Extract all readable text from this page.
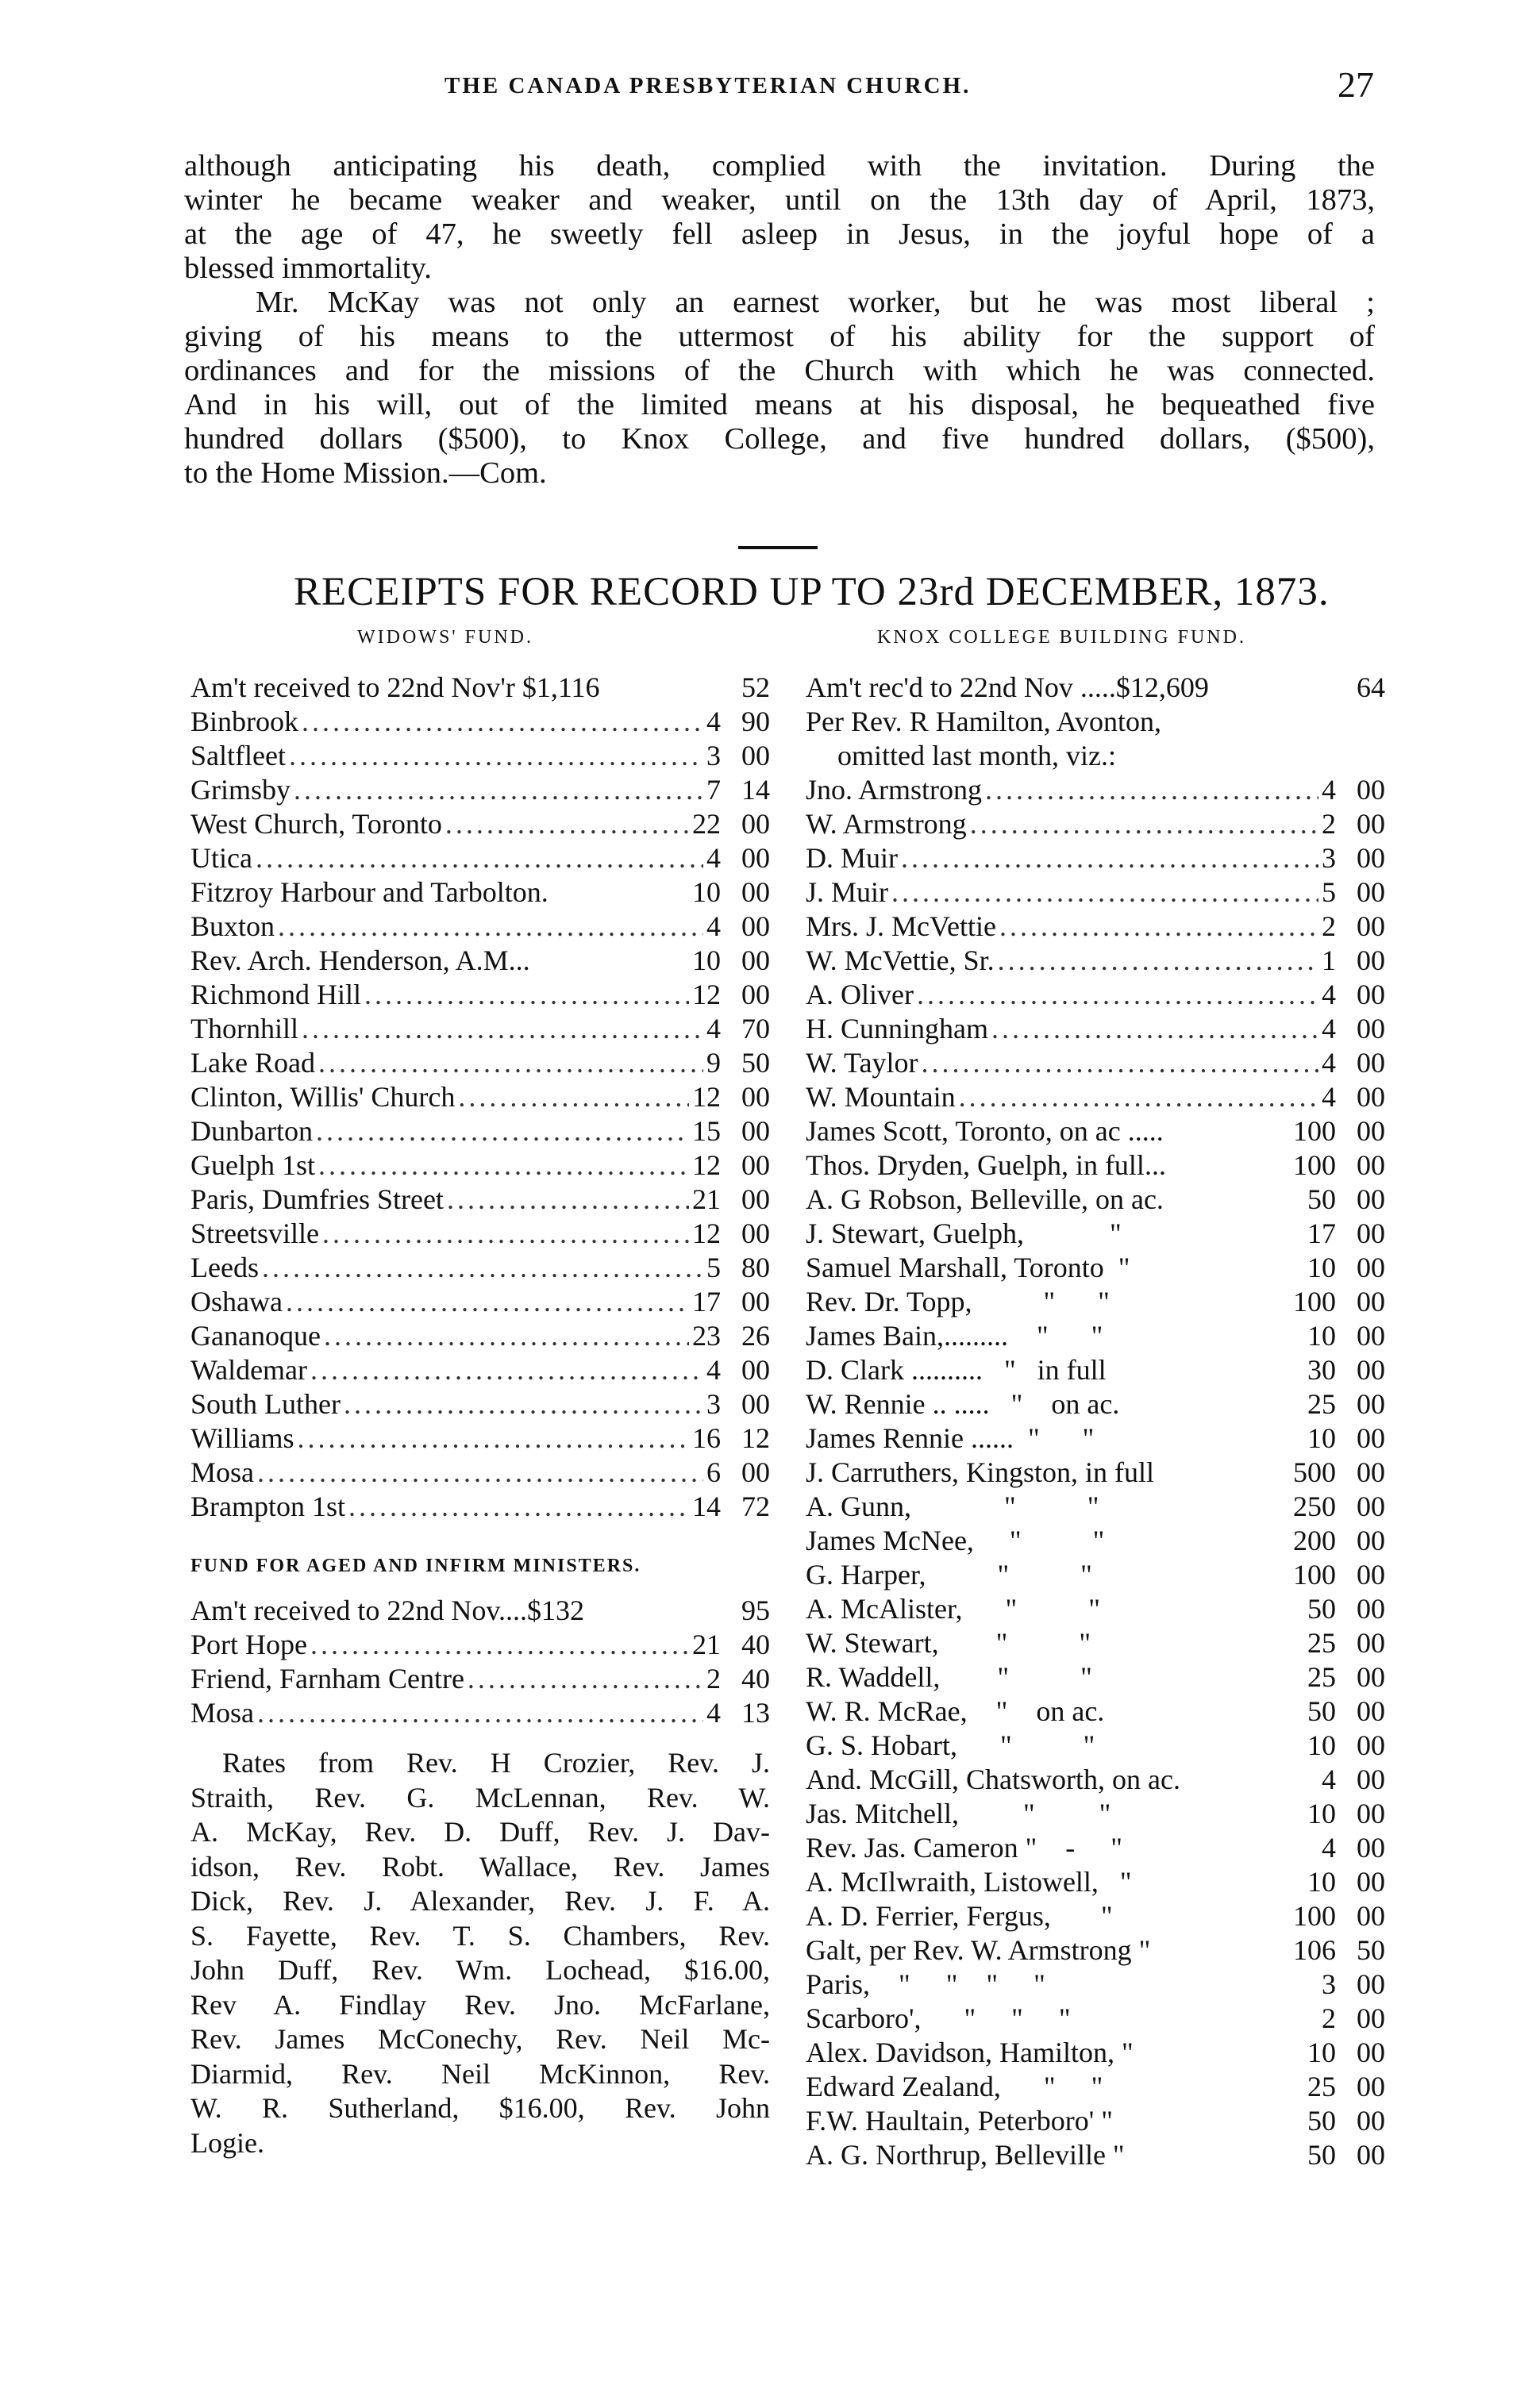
THE CANADA PRESBYTERIAN CHURCH.	27
although anticipating his death, complied with the invitation. During the
winter he became weaker and weaker, until on the 13th day of April, 1873,
at the age of 47, he sweetly fell asleep in Jesus, in the joyful hope of a
blessed immortality.
Mr. McKay was not only an earnest worker, but he was most liberal ;
giving of his means to the uttermost of his ability for the support of
ordinances and for the missions of the Church with which he was connected.
And in his will, out of the limited means at his disposal, he bequeathed five
hundred dollars ($500), to Knox College, and five hundred dollars, ($500),
to the Home Mission.—Com.
RECEIPTS FOR RECORD UP TO 23rd DECEMBER, 1873.
WIDOWS' FUND.	KNOX COLLEGE BUILDING FUND.
Am't received to 22nd Nov'r $1,116	52
Binbrook .....	4 90
Saltfleet .....	3 00
Grimsby .....	7 14
West Church, Toronto .....	22 00
Utica .....	4 00
Fitzroy Harbour and Tarbolton.	10 00
Buxton .....	4 00
Rev. Arch. Henderson, A.M...	10 00
Richmond Hill .....	12 00
Thornhill .....	4 70
Lake Road .....	9 50
Clinton, Willis' Church .....	12 00
Dunbarton .....	15 00
Guelph 1st .....	12 00
Paris, Dumfries Street .....	21 00
Streetsville .....	12 00
Leeds .....	5 80
Oshawa .....	17 00
Gananoque .....	23 26
Waldemar .....	4 00
South Luther .....	3 00
Williams .....	16 12
Mosa .....	6 00
Brampton 1st .....	14 72
FUND FOR AGED AND INFIRM MINISTERS.
Am't received to 22nd Nov....$132	95
Port Hope .....	21 40
Friend, Farnham Centre .....	2 40
Mosa .....	4 13
Rates from Rev. H Crozier, Rev. J.
Straith, Rev. G. McLennan, Rev. W.
A. McKay, Rev. D. Duff, Rev. J. Dav-
idson, Rev. Robt. Wallace, Rev. James
Dick, Rev. J. Alexander, Rev. J. F. A.
S. Fayette, Rev. T. S. Chambers, Rev.
John Duff, Rev. Wm. Lochead, $16.00,
Rev A. Findlay Rev. Jno. McFarlane,
Rev. James McConechy, Rev. Neil Mc-
Diarmid, Rev. Neil McKinnon, Rev.
W. R. Sutherland, $16.00, Rev. John
Logie.
Am't rec'd to 22nd Nov .....$12,609	64
Per Rev. R Hamilton, Avonton,
omitted last month, viz.:
Jno. Armstrong .....	4 00
W. Armstrong .....	2 00
D. Muir .....	3 00
J. Muir .....	5 00
Mrs. J. McVettie .....	2 00
W. McVettie, Sr. .....	1 00
A. Oliver .....	4 00
H. Cunningham .....	4 00
W. Taylor .....	4 00
W. Mountain .....	4 00
James Scott, Toronto, on ac .....	100 00
Thos. Dryden, Guelph, in full...	100 00
A. G Robson, Belleville, on ac.	50 00
J. Stewart, Guelph,            "	17 00
Samuel Marshall, Toronto  "	10 00
Rev. Dr. Topp,          "      "	100 00
James Bain,.........    "      "	10 00
D. Clark ..........   "   in full	30 00
W. Rennie .. .....   "    on ac.	25 00
James Rennie ......  "      "	10 00
J. Carruthers, Kingston, in full	500 00
A. Gunn,             "          "	250 00
James McNee,     "          "	200 00
G. Harper,          "          "	100 00
A. McAlister,      "          "	50 00
W. Stewart,        "          "	25 00
R. Waddell,        "          "	25 00
W. R. McRae,    "    on ac.	50 00
G. S. Hobart,      "          "	10 00
And. McGill, Chatsworth, on ac.	4 00
Jas. Mitchell,         "         "	10 00
Rev. Jas. Cameron "    -     "	4 00
A. McIlwraith, Listowell,   "	10 00
A. D. Ferrier, Fergus,       "	100 00
Galt, per Rev. W. Armstrong "	106 50
Paris,    "     "    "     "	3 00
Scarboro',      "     "     "	2 00
Alex. Davidson, Hamilton, "	10 00
Edward Zealand,      "     "	25 00
F.W. Haultain, Peterboro' "	50 00
A. G. Northrup, Belleville "	50 00
